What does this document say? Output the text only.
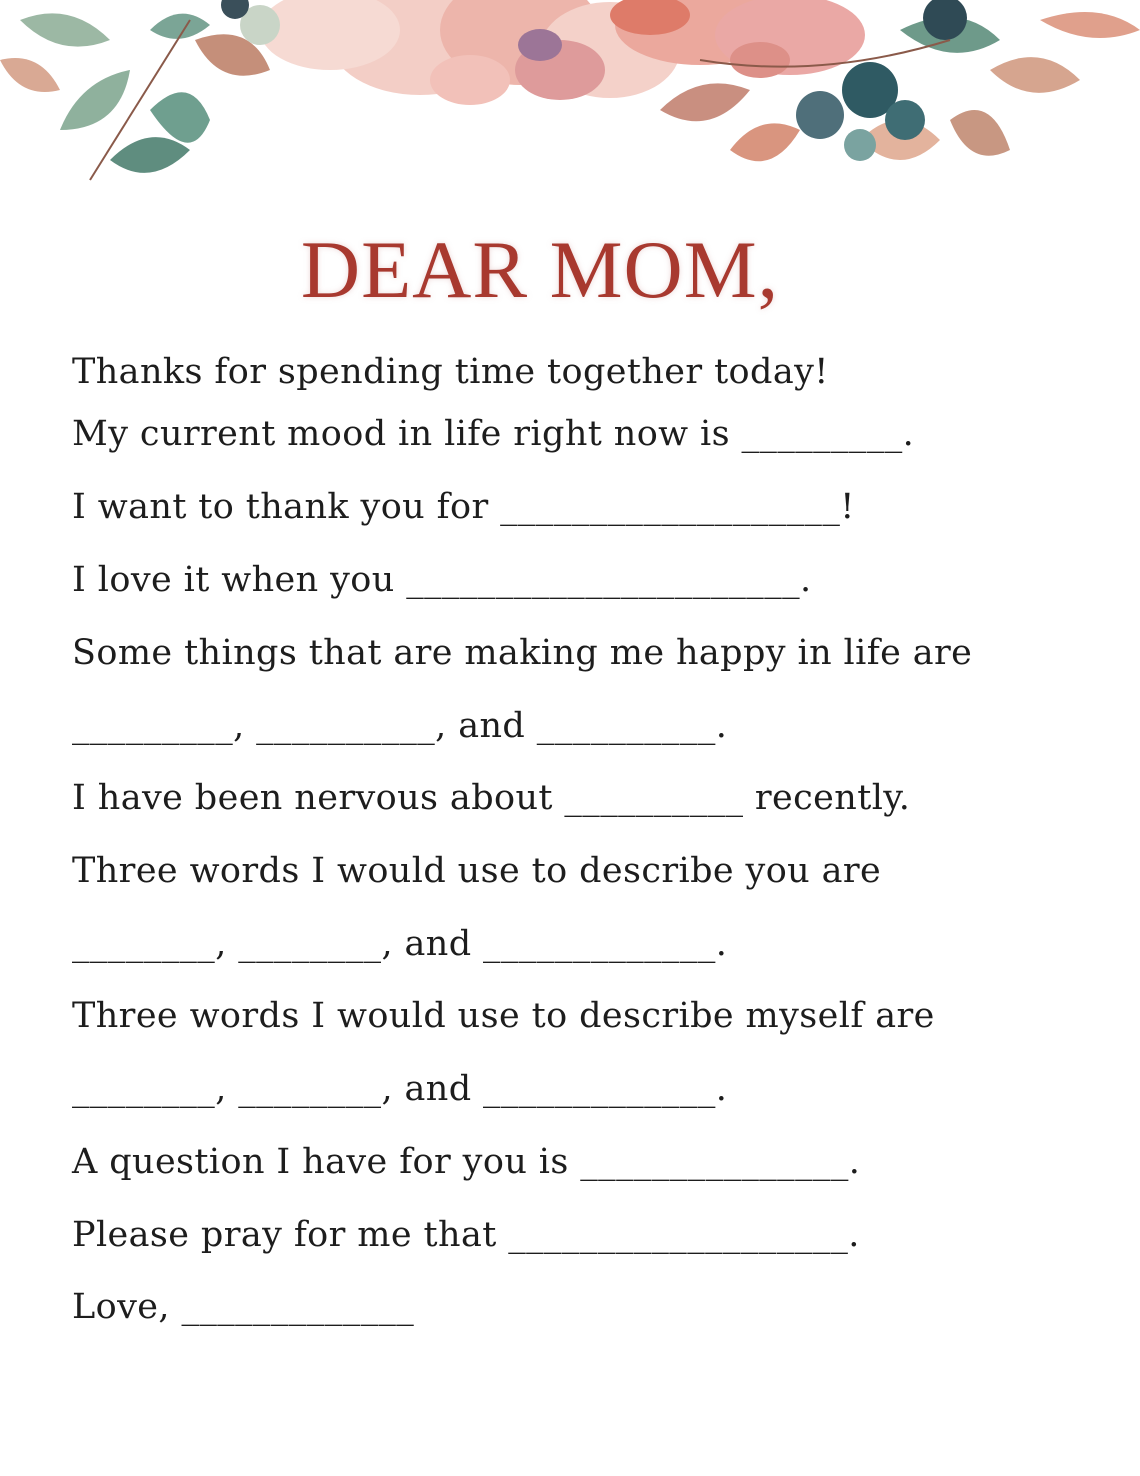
DEAR MOM,
Thanks for spending time together today!
My current mood in life right now is _________.
I want to thank you for ___________________!
I love it when you ______________________.
Some things that are making me happy in life are
_________, __________, and __________.
I have been nervous about __________ recently.
Three words I would use to describe you are
________, ________, and _____________.
Three words I would use to describe myself are
________, ________, and _____________.
A question I have for you is _______________.
Please pray for me that ___________________.
Love, _____________
